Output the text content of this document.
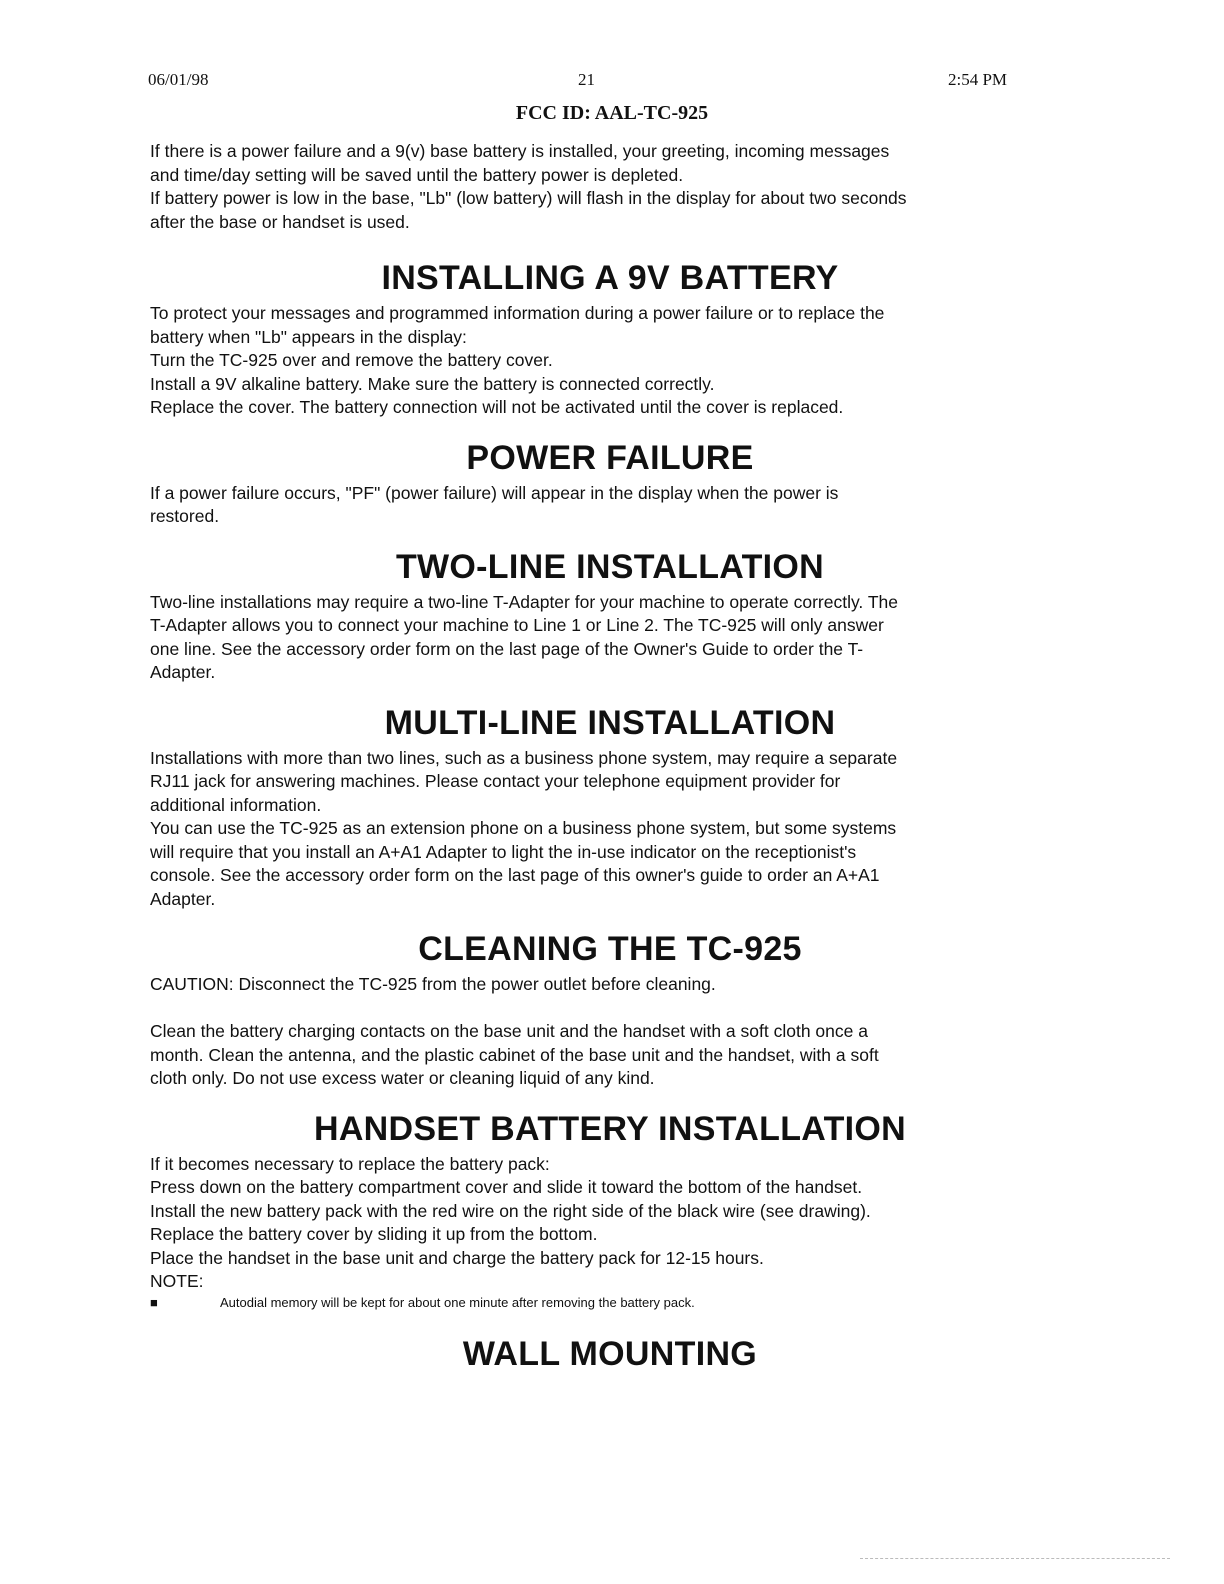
06/01/98	21	2:54 PM
FCC ID: AAL-TC-925

If there is a power failure and a 9(v) base battery is installed, your greeting, incoming messages

and time/day setting will be saved until the battery power is depleted.

If battery power is low in the base, "Lb" (low battery) will flash in the display for about two seconds

after the base or handset is used.

INSTALLING A 9V BATTERY

To protect your messages and programmed information during a power failure or to replace the

battery when "Lb" appears in the display:

Turn the TC-925 over and remove the battery cover.

Install a 9V alkaline battery. Make sure the battery is connected correctly.

Replace the cover. The battery connection will not be activated until the cover is replaced.

POWER FAILURE

If a power failure occurs, "PF" (power failure) will appear in the display when the power is

restored.

TWO-LINE INSTALLATION

Two-line installations may require a two-line T-Adapter for your machine to operate correctly. The

T-Adapter allows you to connect your machine to Line 1 or Line 2. The TC-925 will only answer

one line. See the accessory order form on the last page of the Owner's Guide to order the T-

Adapter.

MULTI-LINE INSTALLATION

Installations with more than two lines, such as a business phone system, may require a separate

RJ11 jack for answering machines. Please contact your telephone equipment provider for

additional information.

You can use the TC-925 as an extension phone on a business phone system, but some systems

will require that you install an A+A1 Adapter to light the in-use indicator on the receptionist's

console. See the accessory order form on the last page of this owner's guide to order an A+A1

Adapter.

CLEANING THE TC-925

CAUTION: Disconnect the TC-925 from the power outlet before cleaning.

Clean the battery charging contacts on the base unit and the handset with a soft cloth once a

month. Clean the antenna, and the plastic cabinet of the base unit and the handset, with a soft

cloth only. Do not use excess water or cleaning liquid of any kind.

HANDSET BATTERY INSTALLATION

If it becomes necessary to replace the battery pack:

Press down on the battery compartment cover and slide it toward the bottom of the handset.

Install the new battery pack with the red wire on the right side of the black wire (see drawing).

Replace the battery cover by sliding it up from the bottom.

Place the handset in the base unit and charge the battery pack for 12-15 hours.

NOTE:

■	Autodial memory will be kept for about one minute after removing the battery pack.
WALL MOUNTING
